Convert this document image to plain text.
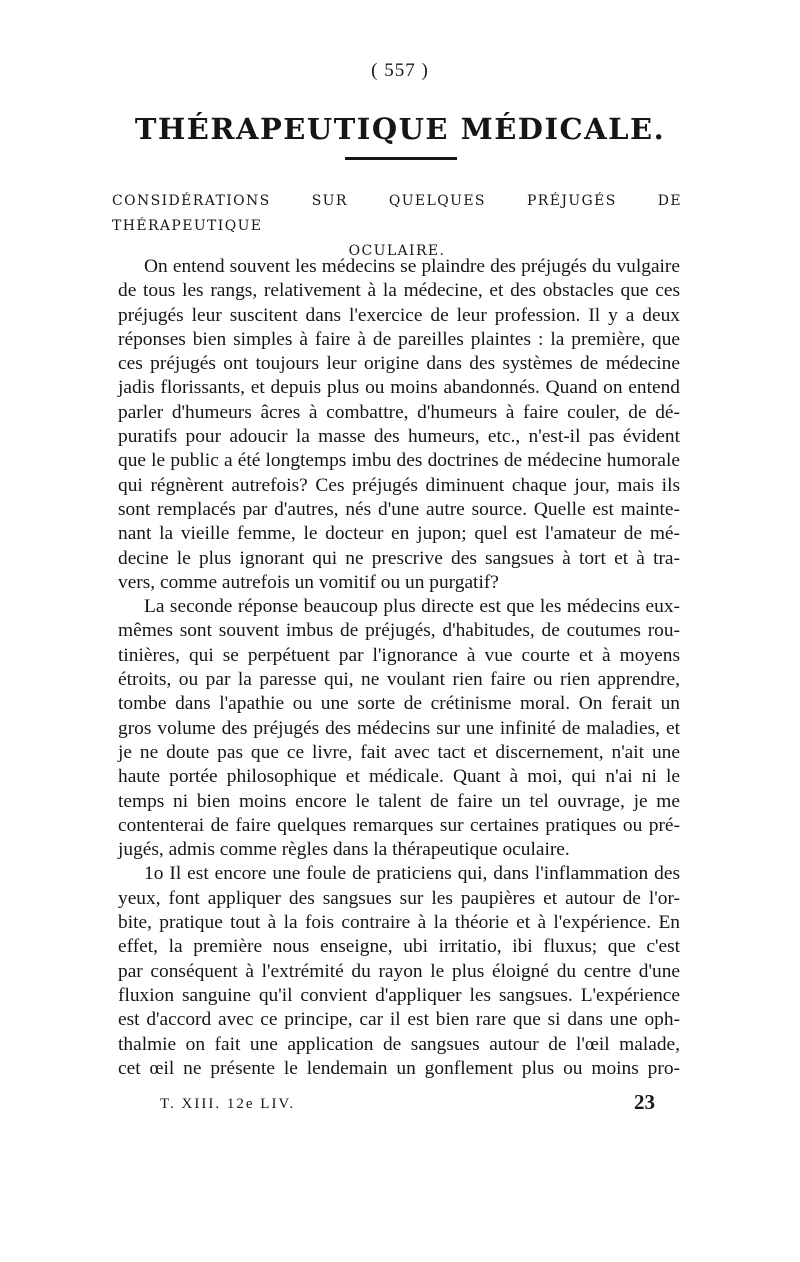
( 557 )
THÉRAPEUTIQUE MÉDICALE.
CONSIDÉRATIONS SUR QUELQUES PRÉJUGÉS DE THÉRAPEUTIQUE
OCULAIRE.
On entend souvent les médecins se plaindre des préjugés du vulgaire
de tous les rangs, relativement à la médecine, et des obstacles que ces
préjugés leur suscitent dans l'exercice de leur profession. Il y a deux
réponses bien simples à faire à de pareilles plaintes : la première, que
ces préjugés ont toujours leur origine dans des systèmes de médecine
jadis florissants, et depuis plus ou moins abandonnés. Quand on entend
parler d'humeurs âcres à combattre, d'humeurs à faire couler, de dé-
puratifs pour adoucir la masse des humeurs, etc., n'est-il pas évident
que le public a été longtemps imbu des doctrines de médecine humorale
qui régnèrent autrefois? Ces préjugés diminuent chaque jour, mais ils
sont remplacés par d'autres, nés d'une autre source. Quelle est mainte-
nant la vieille femme, le docteur en jupon; quel est l'amateur de mé-
decine le plus ignorant qui ne prescrive des sangsues à tort et à tra-
vers, comme autrefois un vomitif ou un purgatif?
La seconde réponse beaucoup plus directe est que les médecins eux-
mêmes sont souvent imbus de préjugés, d'habitudes, de coutumes rou-
tinières, qui se perpétuent par l'ignorance à vue courte et à moyens
étroits, ou par la paresse qui, ne voulant rien faire ou rien apprendre,
tombe dans l'apathie ou une sorte de crétinisme moral. On ferait un
gros volume des préjugés des médecins sur une infinité de maladies, et
je ne doute pas que ce livre, fait avec tact et discernement, n'ait une
haute portée philosophique et médicale. Quant à moi, qui n'ai ni le
temps ni bien moins encore le talent de faire un tel ouvrage, je me
contenterai de faire quelques remarques sur certaines pratiques ou pré-
jugés, admis comme règles dans la thérapeutique oculaire.
1o Il est encore une foule de praticiens qui, dans l'inflammation des
yeux, font appliquer des sangsues sur les paupières et autour de l'or-
bite, pratique tout à la fois contraire à la théorie et à l'expérience. En
effet, la première nous enseigne, ubi irritatio, ibi fluxus; que c'est
par conséquent à l'extrémité du rayon le plus éloigné du centre d'une
fluxion sanguine qu'il convient d'appliquer les sangsues. L'expérience
est d'accord avec ce principe, car il est bien rare que si dans une oph-
thalmie on fait une application de sangsues autour de l'œil malade,
cet œil ne présente le lendemain un gonflement plus ou moins pro-
T. XIII. 12e LIV.	23
